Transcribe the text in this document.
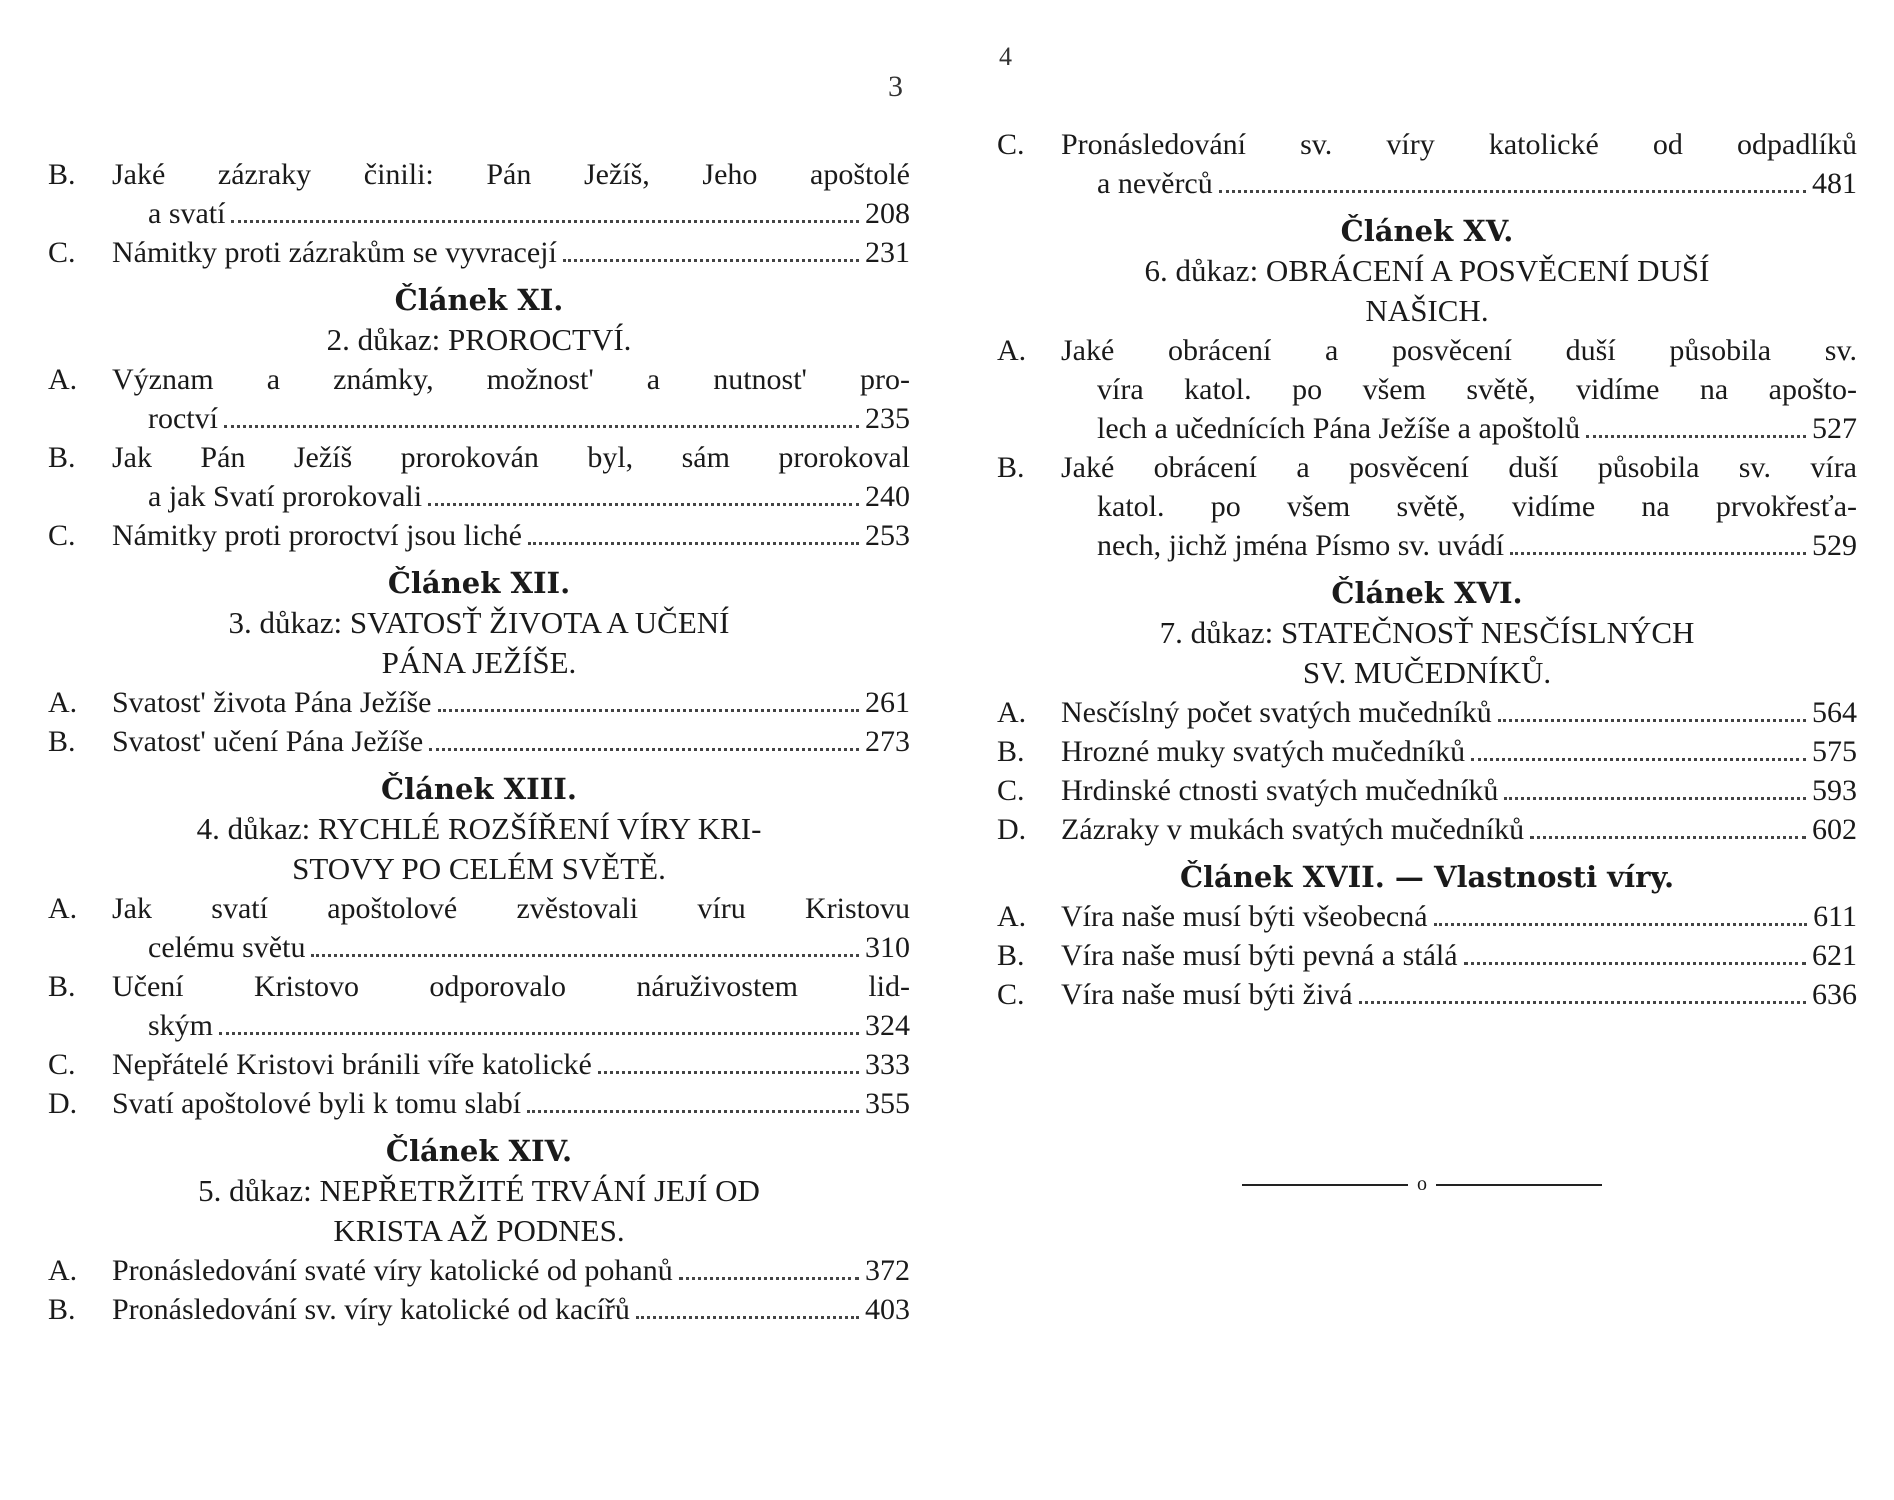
3
B.	Jaké zázraky činili: Pán Ježíš, Jeho apoštolé
a svatí	208
C.	Námitky proti zázrakům se vyvracejí	231
Článek XI.
2. důkaz: PROROCTVÍ.
A.	Význam a známky, možnost' a nutnost' pro-
roctví	235
B.	Jak Pán Ježíš prorokován byl, sám prorokoval
a jak Svatí prorokovali	240
C.	Námitky proti proroctví jsou liché	253
Článek XII.
3. důkaz: SVATOSŤ ŽIVOTA A UČENÍ
PÁNA JEŽÍŠE.
A.	Svatost' života Pána Ježíše	261
B.	Svatost' učení Pána Ježíše	273
Článek XIII.
4. důkaz: RYCHLÉ ROZŠÍŘENÍ VÍRY KRI-
STOVY PO CELÉM SVĚTĚ.
A.	Jak svatí apoštolové zvěstovali víru Kristovu
celému světu	310
B.	Učení Kristovo odporovalo náruživostem lid-
ským	324
C.	Nepřátelé Kristovi bránili víře katolické	333
D.	Svatí apoštolové byli k tomu slabí	355
Článek XIV.
5. důkaz: NEPŘETRŽITÉ TRVÁNÍ JEJÍ OD
KRISTA AŽ PODNES.
A.	Pronásledování svaté víry katolické od pohanů	372
B.	Pronásledování sv. víry katolické od kacířů	403
4
C.	Pronásledování sv. víry katolické od odpadlíků
a nevěrců	481
Článek XV.
6. důkaz: OBRÁCENÍ A POSVĚCENÍ DUŠÍ
NAŠICH.
A.	Jaké obrácení a posvěcení duší působila sv.
víra katol. po všem světě, vidíme na apošto-
lech a učednících Pána Ježíše a apoštolů	527
B.	Jaké obrácení a posvěcení duší působila sv. víra
katol. po všem světě, vidíme na prvokřesťa-
nech, jichž jména Písmo sv. uvádí	529
Článek XVI.
7. důkaz: STATEČNOSŤ NESČÍSLNÝCH
SV. MUČEDNÍKŮ.
A.	Nesčíslný počet svatých mučedníků	564
B.	Hrozné muky svatých mučedníků	575
C.	Hrdinské ctnosti svatých mučedníků	593
D.	Zázraky v mukách svatých mučedníků	602
Článek XVII. — Vlastnosti víry.
A.	Víra naše musí býti všeobecná	611
B.	Víra naše musí býti pevná a stálá	621
C.	Víra naše musí býti živá	636
o
